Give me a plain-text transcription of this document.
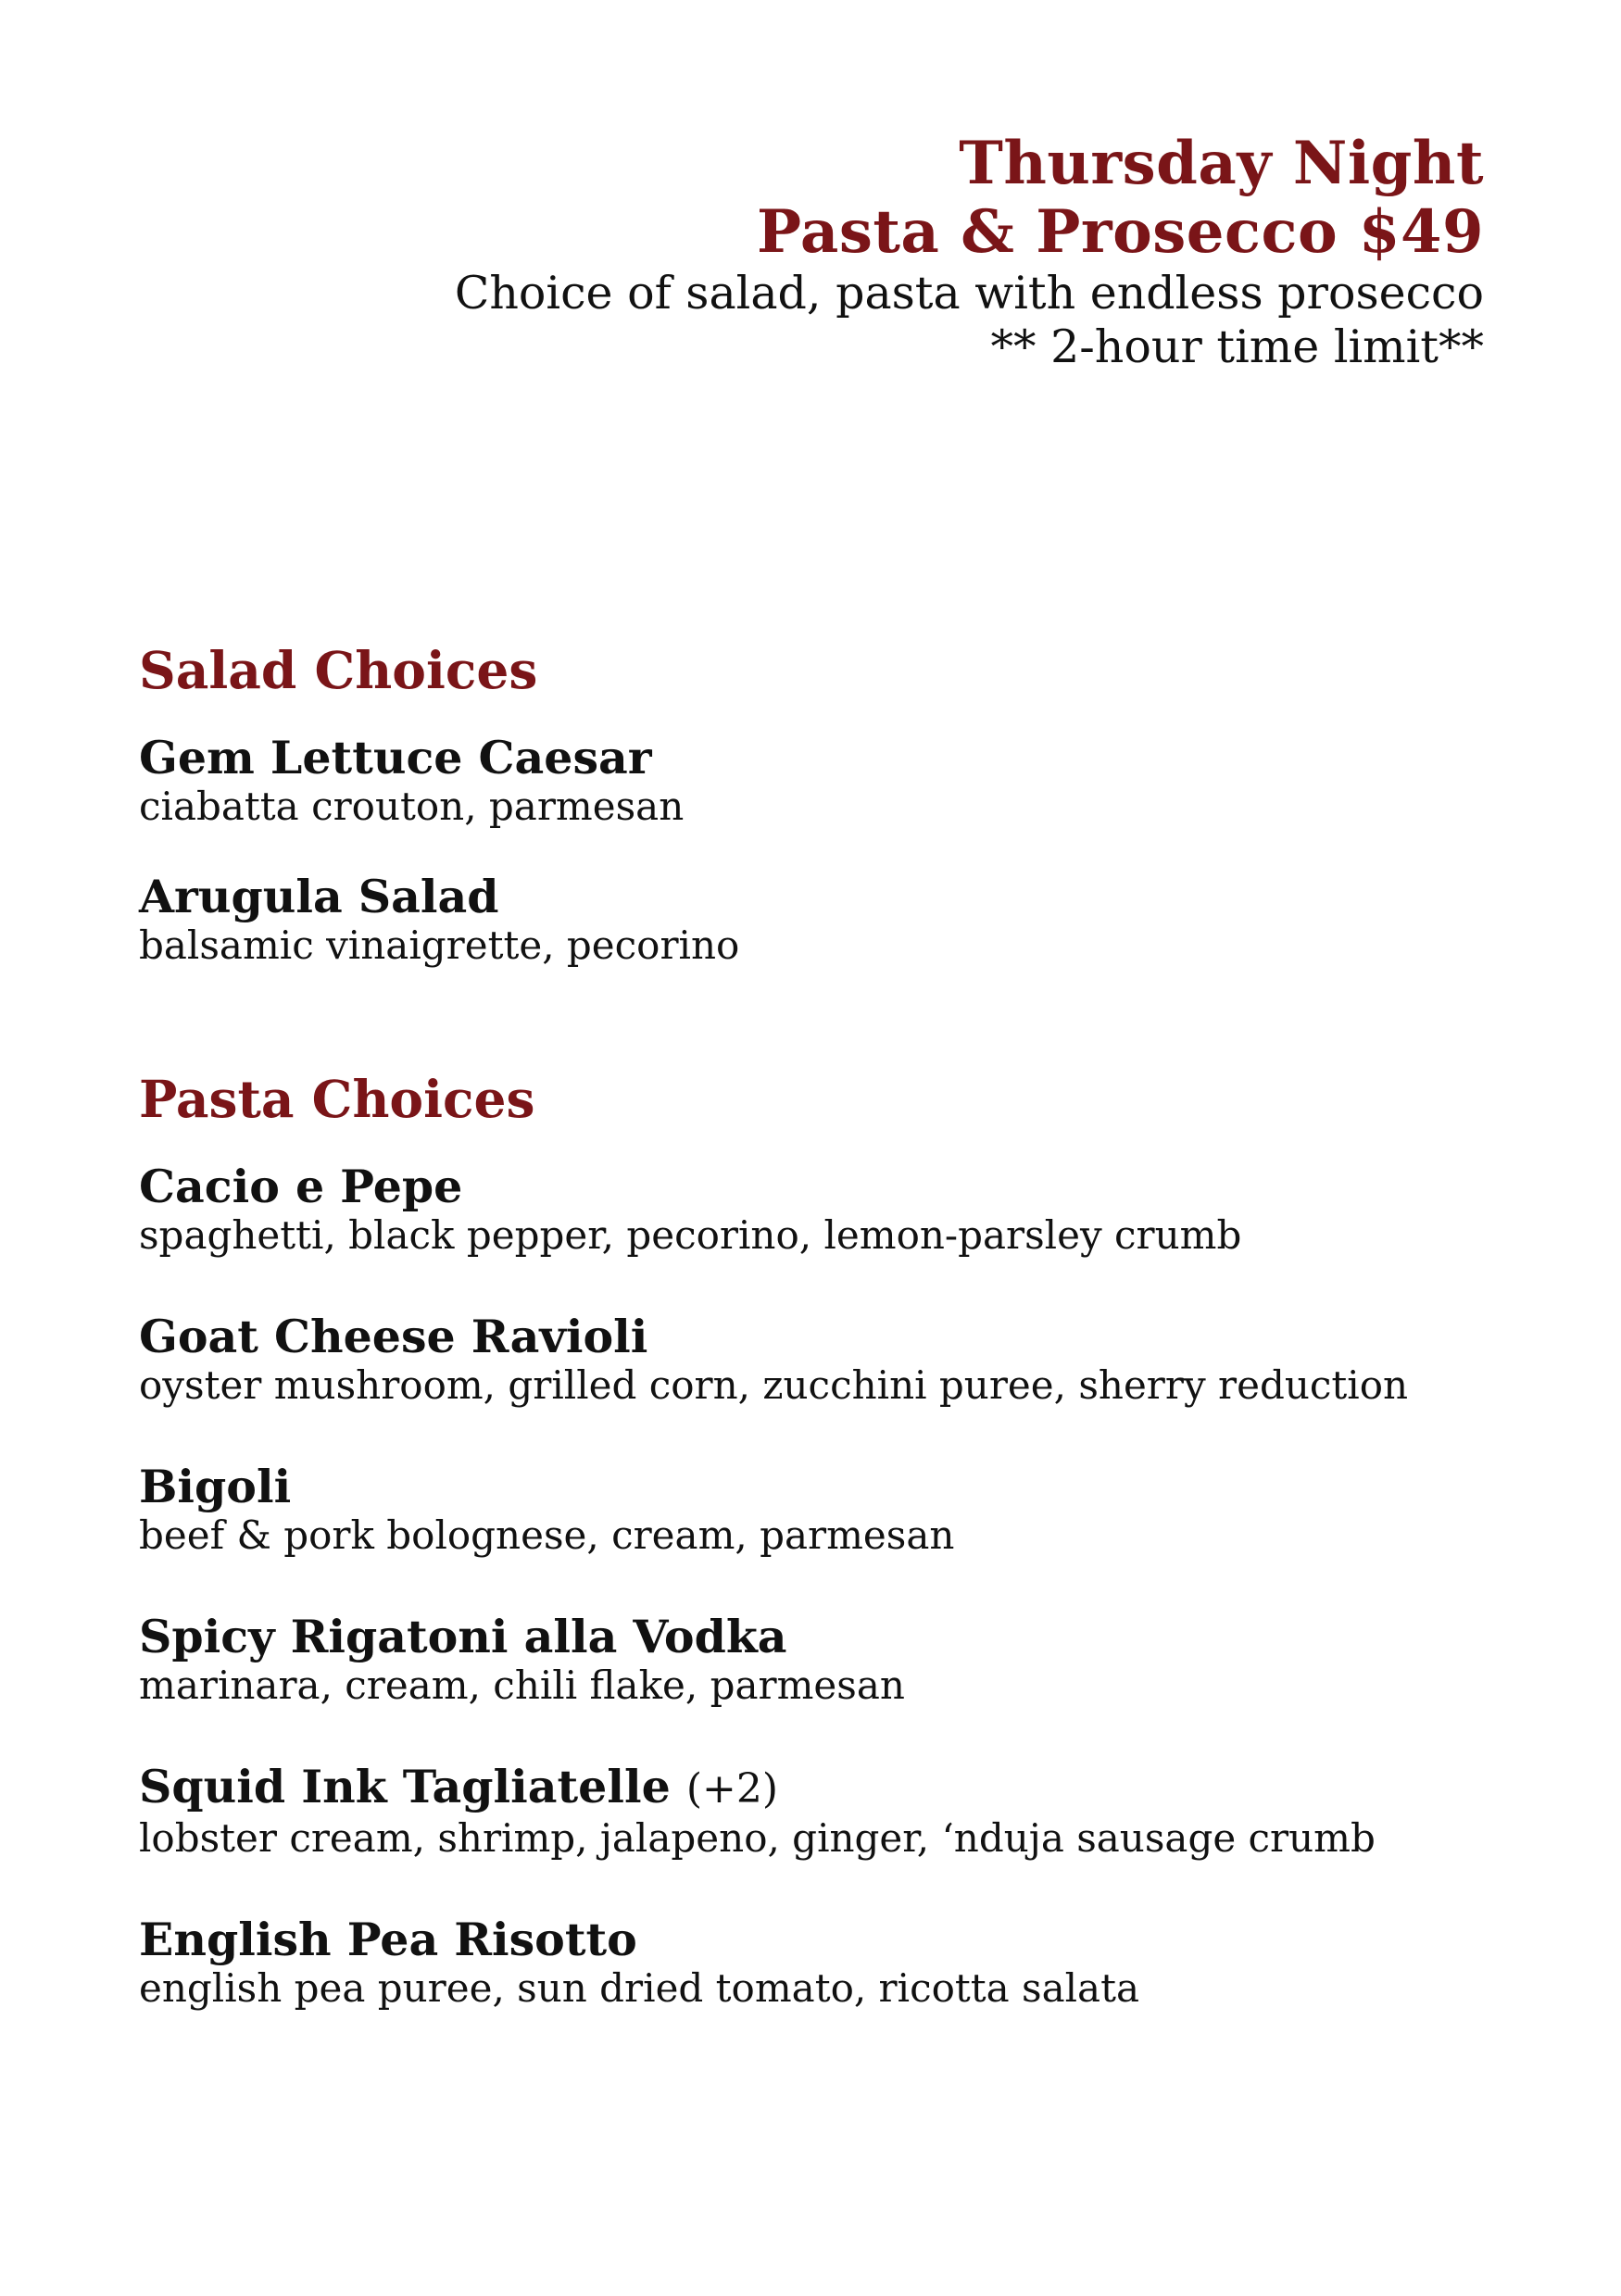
Thursday Night
Pasta & Prosecco $49
Choice of salad, pasta with endless prosecco
** 2-hour time limit**
Salad Choices
Gem Lettuce Caesar
ciabatta crouton, parmesan
Arugula Salad
balsamic vinaigrette, pecorino
Pasta Choices
Cacio e Pepe
spaghetti, black pepper, pecorino, lemon-parsley crumb
Goat Cheese Ravioli
oyster mushroom, grilled corn, zucchini puree, sherry reduction
Bigoli
beef & pork bolognese, cream, parmesan
Spicy Rigatoni alla Vodka
marinara, cream, chili flake, parmesan
Squid Ink Tagliatelle (+2)
lobster cream, shrimp, jalapeno, ginger, ‘nduja sausage crumb
English Pea Risotto
english pea puree, sun dried tomato, ricotta salata
